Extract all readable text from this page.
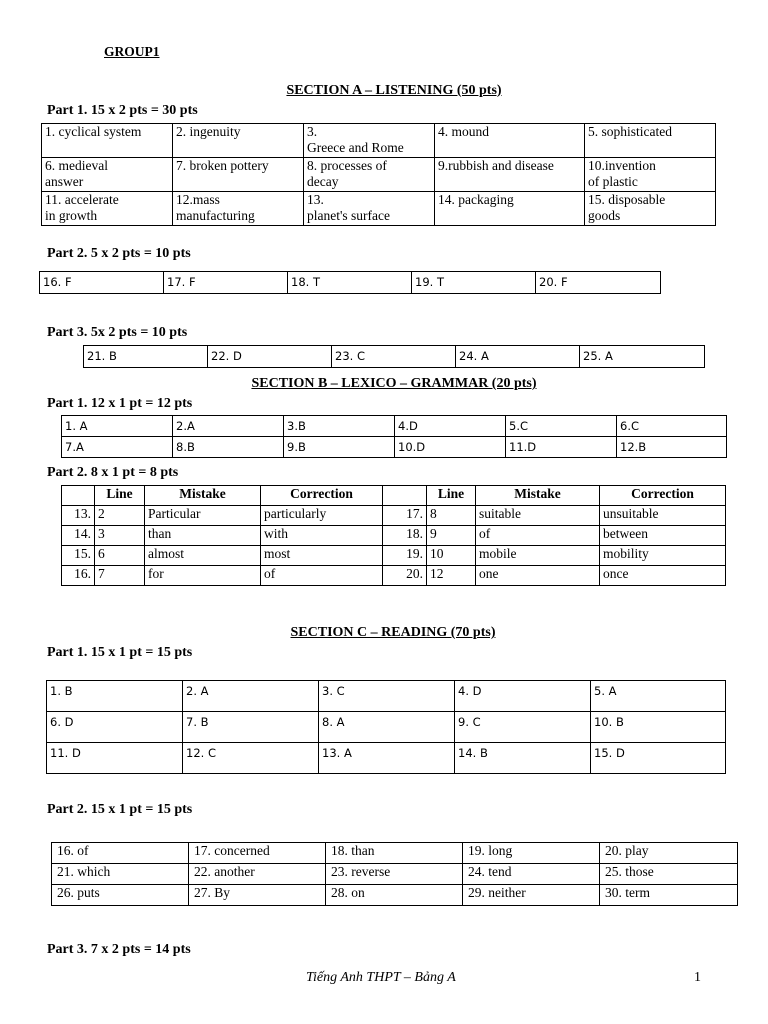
GROUP1
SECTION A – LISTENING (50 pts)
Part 1. 15 x 2 pts = 30 pts
1. cyclical system	2. ingenuity	3.
Greece and Rome	4. mound	5. sophisticated
6. medieval
answer	7. broken pottery	8. processes of
decay	9.rubbish and disease	10.invention
of plastic
11. accelerate
in growth	12.mass
manufacturing	13.
planet's surface	14. packaging	15. disposable
goods
Part 2. 5 x 2 pts = 10 pts
16. F	17. F	18. T	19. T	20. F
Part 3. 5x 2 pts = 10 pts
21. B	22. D	23. C	24. A	25. A
SECTION B – LEXICO – GRAMMAR (20 pts)
Part 1. 12 x 1 pt = 12 pts
1. A	2.A	3.B	4.D	5.C	6.C
7.A	8.B	9.B	10.D	11.D	12.B
Part 2. 8 x 1 pt = 8 pts
	Line	Mistake	Correction		Line	Mistake	Correction
13.	2	Particular	particularly	17.	8	suitable	unsuitable
14.	3	than	with	18.	9	of	between
15.	6	almost	most	19.	10	mobile	mobility
16.	7	for	of	20.	12	one	once
SECTION C – READING (70 pts)
Part 1. 15 x 1 pt = 15 pts
1. B	2. A	3. C	4. D	5. A
6. D	7. B	8. A	9. C	10. B
11. D	12. C	13. A	14. B	15. D
Part 2. 15 x 1 pt = 15 pts
16. of	17. concerned	18. than	19. long	20. play
21. which	22. another	23. reverse	24. tend	25. those
26. puts	27. By	28. on	29. neither	30. term
Part 3. 7 x 2 pts = 14 pts
Tiếng Anh THPT – Bảng A	1
